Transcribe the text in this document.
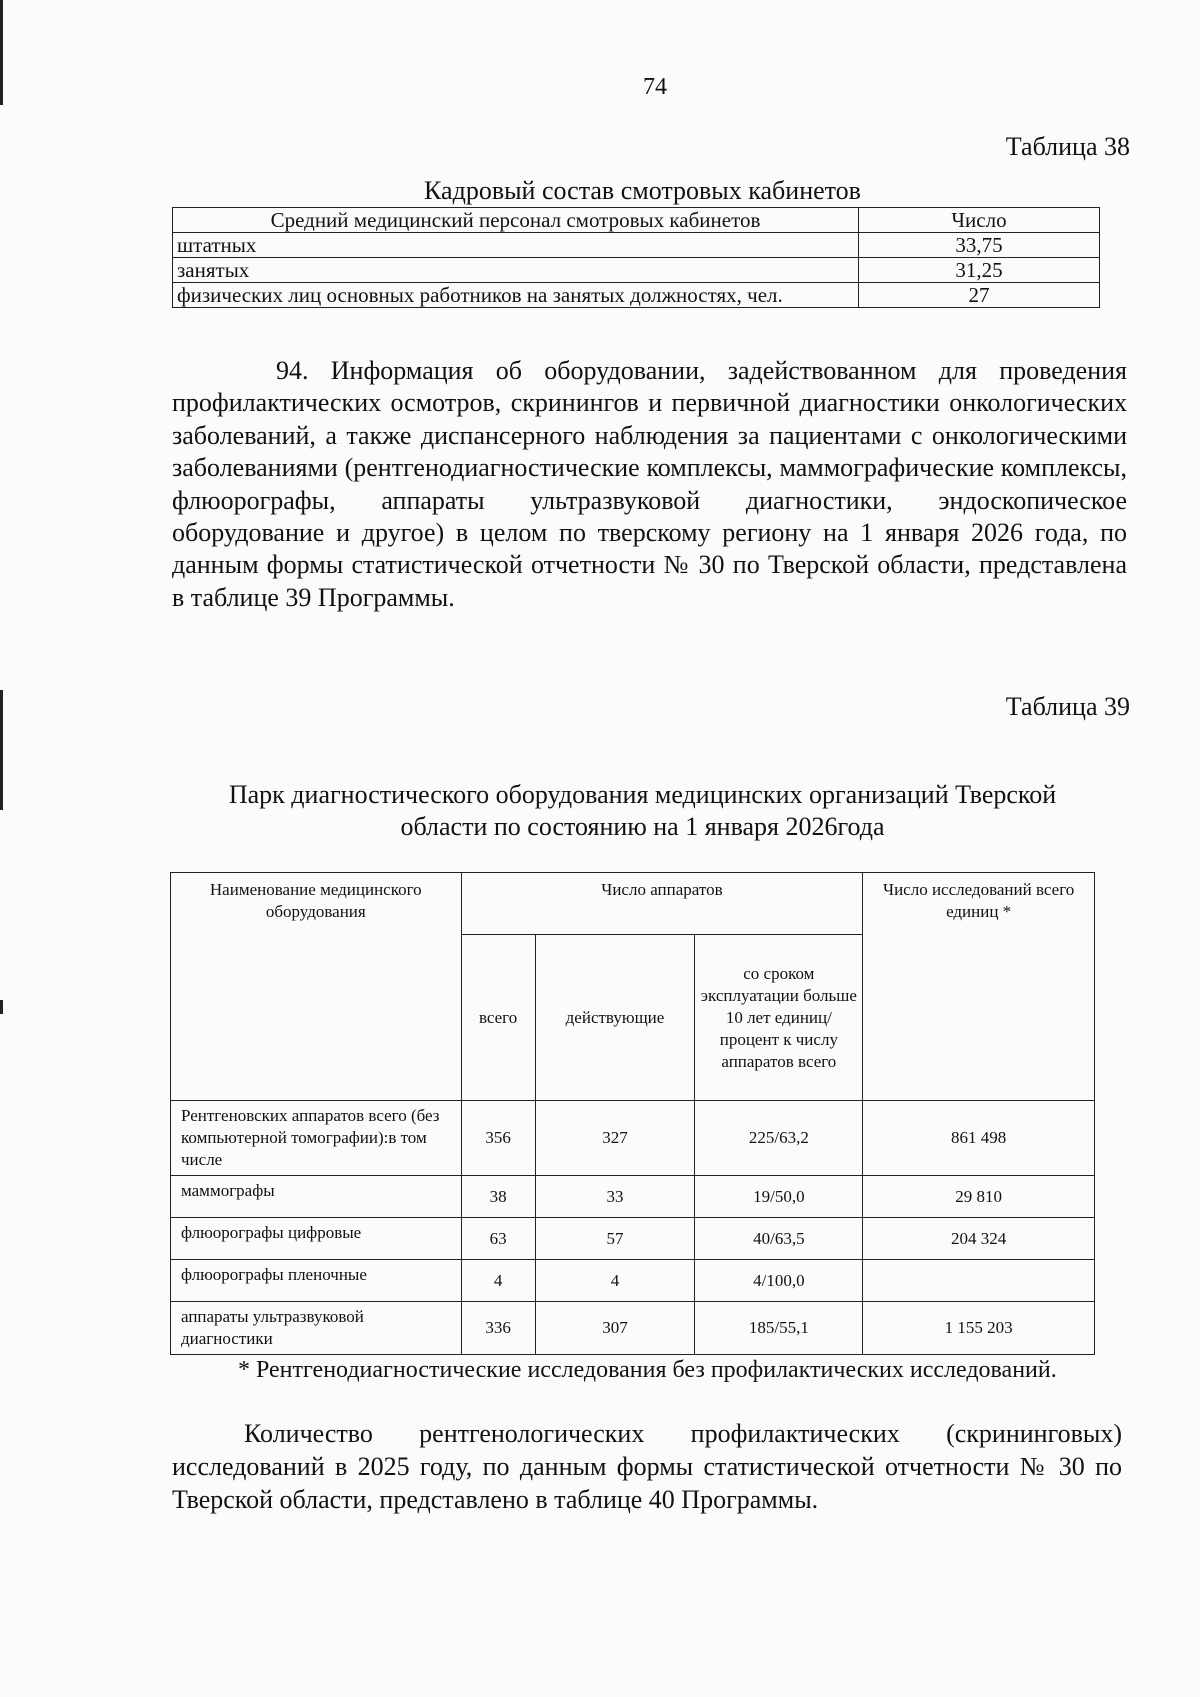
74
Таблица 38
Кадровый состав смотровых кабинетов
Средний медицинский персонал смотровых кабинетов	Число
штатных	33,75
занятых	31,25
физических лиц основных работников на занятых должностях, чел.	27
94. Информация об оборудовании, задействованном для проведения профилактических осмотров, скринингов и первичной диагностики онкологических заболеваний, а также диспансерного наблюдения за пациентами с онкологическими заболеваниями (рентгенодиагностические комплексы, маммографические комплексы, флюорографы, аппараты ультразвуковой диагностики, эндоскопическое оборудование и другое) в целом по тверскому региону на 1 января 2026 года, по данным формы статистической отчетности № 30 по Тверской области, представлена в таблице 39 Программы.
Таблица 39
Парк диагностического оборудования медицинских организаций Тверской
области по состоянию на 1 января 2026года
Наименование медицинского оборудования	Число аппаратов			Число исследований всего единиц *
	всего	действующие	со сроком эксплуатации больше 10 лет единиц/ процент к числу аппаратов всего	
Рентгеновских аппаратов всего (без компьютерной томографии):в том числе	356	327	225/63,2	861 498
маммографы	38	33	19/50,0	29 810
флюорографы цифровые	63	57	40/63,5	204 324
флюорографы пленочные	4	4	4/100,0	
аппараты ультразвуковой диагностики	336	307	185/55,1	1 155 203
* Рентгенодиагностические исследования без профилактических исследований.
Количество рентгенологических профилактических (скрининговых) исследований в 2025 году, по данным формы статистической отчетности № 30 по Тверской области, представлено в таблице 40 Программы.
